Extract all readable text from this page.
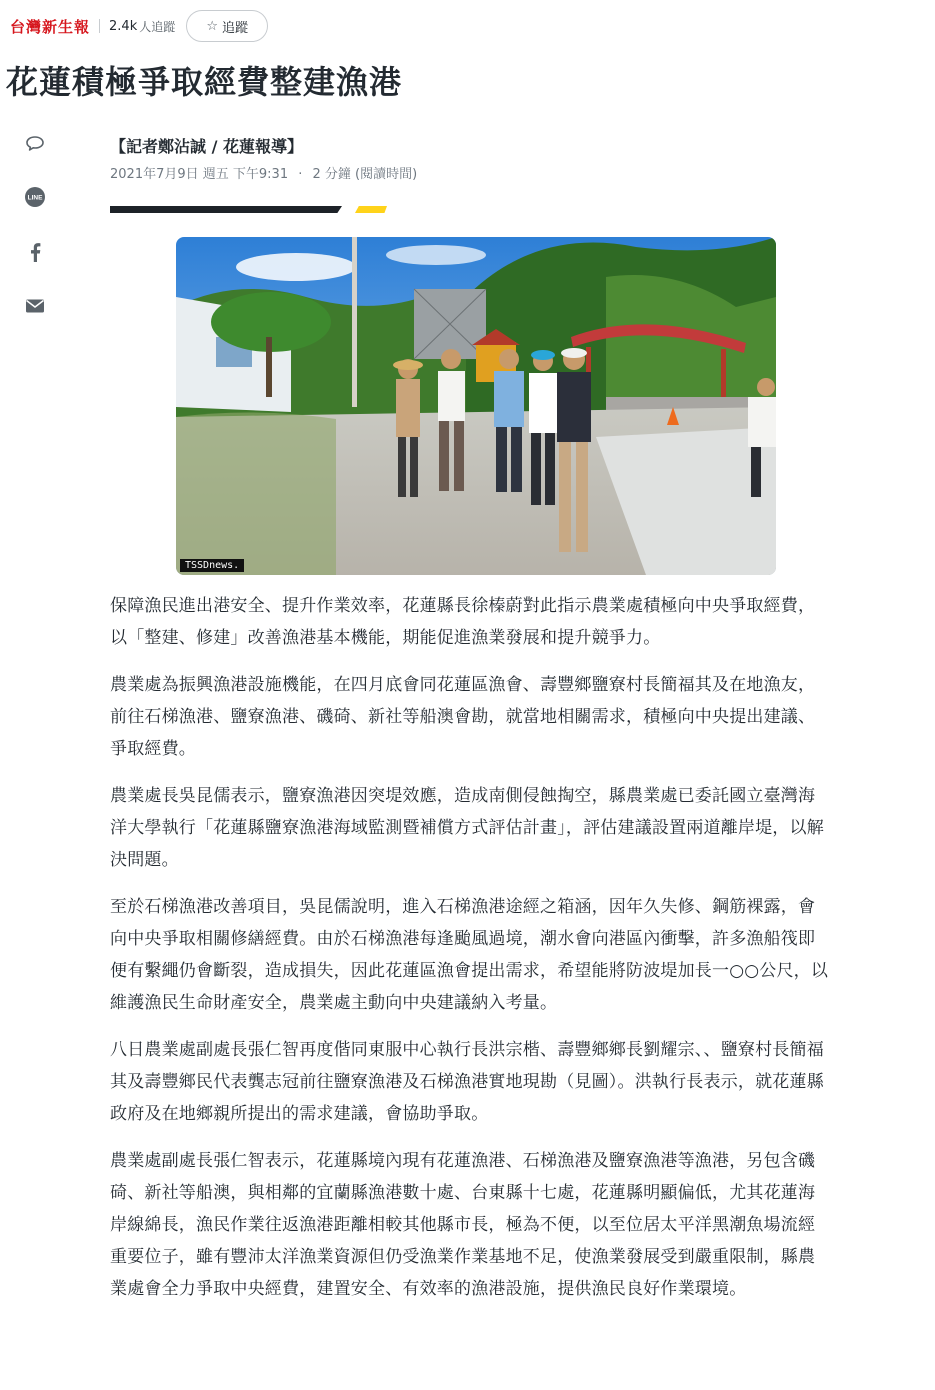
台灣新生報 2.4k 人追蹤 ☆ 追蹤
花蓮積極爭取經費整建漁港
LINE
【記者鄭沾誠 / 花蓮報導】
2021年7月9日 週五 下午9:31 · 2 分鐘 (閱讀時間)
TSSDnews.

保障漁民進出港安全、提升作業效率，花蓮縣長徐榛蔚對此指示農業處積極向中央爭取經費，以「整建、修建」改善漁港基本機能，期能促進漁業發展和提升競爭力。

農業處為振興漁港設施機能，在四月底會同花蓮區漁會、壽豐鄉鹽寮村長簡福其及在地漁友，前往石梯漁港、鹽寮漁港、磯碕、新社等船澳會勘，就當地相關需求，積極向中央提出建議、爭取經費。

農業處長吳昆儒表示，鹽寮漁港因突堤效應，造成南側侵蝕掏空，縣農業處已委託國立臺灣海洋大學執行「花蓮縣鹽寮漁港海域監測暨補償方式評估計畫」，評估建議設置兩道離岸堤，以解決問題。

至於石梯漁港改善項目，吳昆儒說明，進入石梯漁港途經之箱涵，因年久失修、鋼筋裸露，會向中央爭取相關修繕經費。由於石梯漁港每逢颱風過境，潮水會向港區內衝擊，許多漁船筏即便有繫繩仍會斷裂，造成損失，因此花蓮區漁會提出需求，希望能將防波堤加長一○○公尺，以維護漁民生命財產安全，農業處主動向中央建議納入考量。

八日農業處副處長張仁智再度偕同東服中心執行長洪宗楷、壽豐鄉鄉長劉耀宗、、鹽寮村長簡福其及壽豐鄉民代表龔志冠前往鹽寮漁港及石梯漁港實地現勘（見圖）。洪執行長表示，就花蓮縣政府及在地鄉親所提出的需求建議，會協助爭取。

農業處副處長張仁智表示，花蓮縣境內現有花蓮漁港、石梯漁港及鹽寮漁港等漁港，另包含磯碕、新社等船澳，與相鄰的宜蘭縣漁港數十處、台東縣十七處，花蓮縣明顯偏低，尤其花蓮海岸線綿長，漁民作業往返漁港距離相較其他縣市長，極為不便，以至位居太平洋黑潮魚場流經重要位子，雖有豐沛太洋漁業資源但仍受漁業作業基地不足，使漁業發展受到嚴重限制，縣農業處會全力爭取中央經費，建置安全、有效率的漁港設施，提供漁民良好作業環境。
